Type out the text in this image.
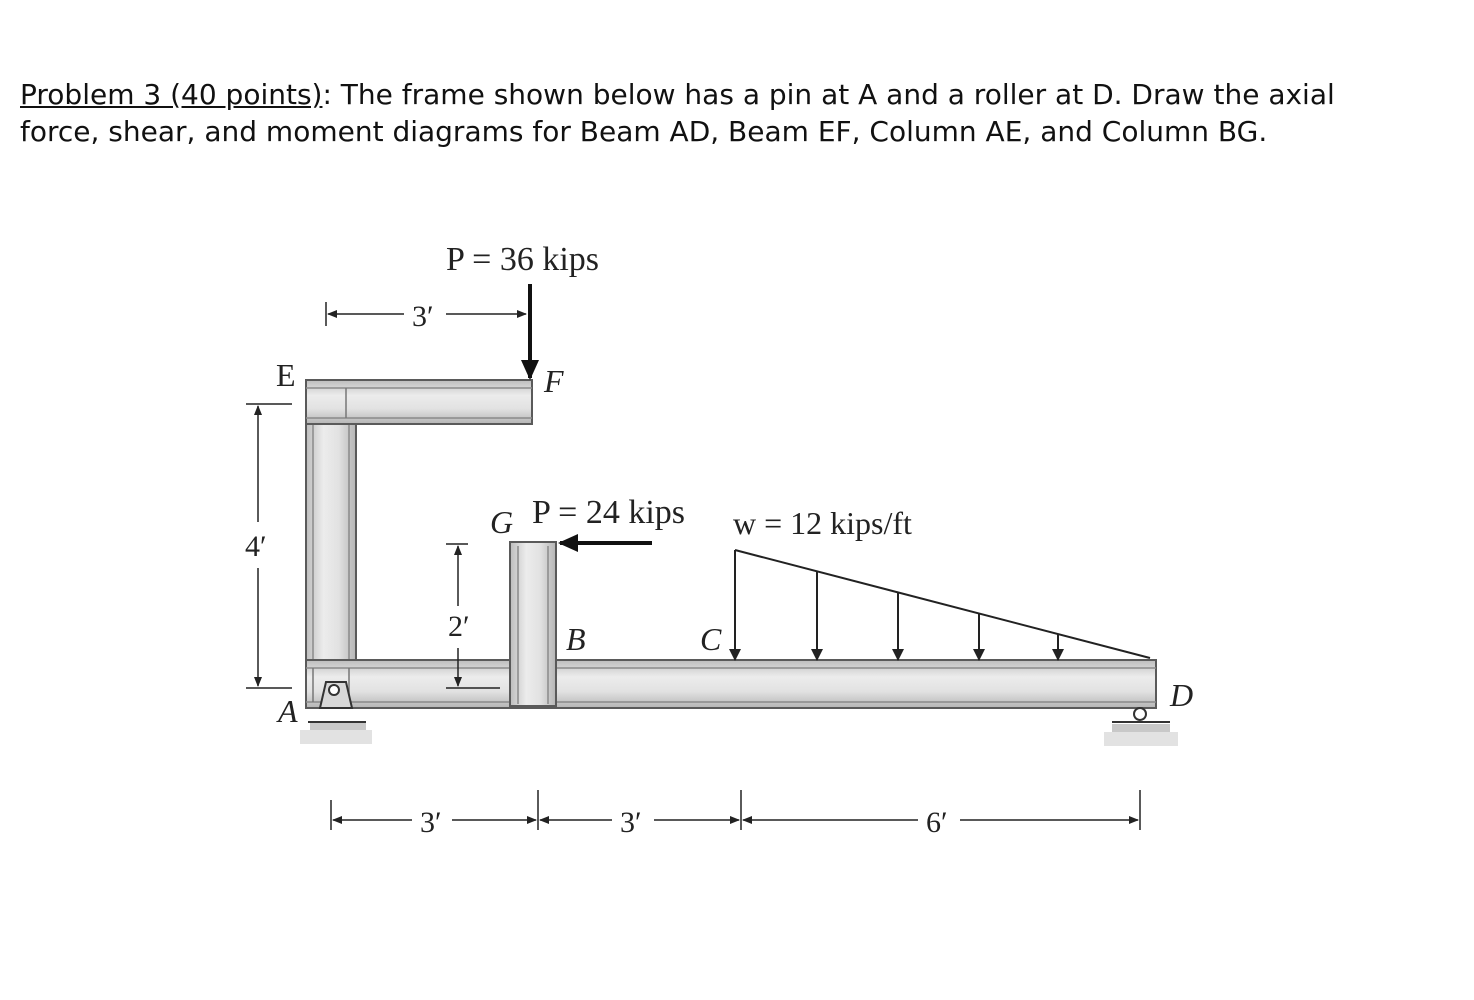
Problem 3 (40 points): The frame shown below has a pin at A and a roller at D. Draw the axial
force, shear, and moment diagrams for Beam AD, Beam EF, Column AE, and Column BG.
P = 36 kips
P = 24 kips w = 12 kips/ft
E	F
G
B	C
A	D
3′
4′
2′
3′	3′	6′
